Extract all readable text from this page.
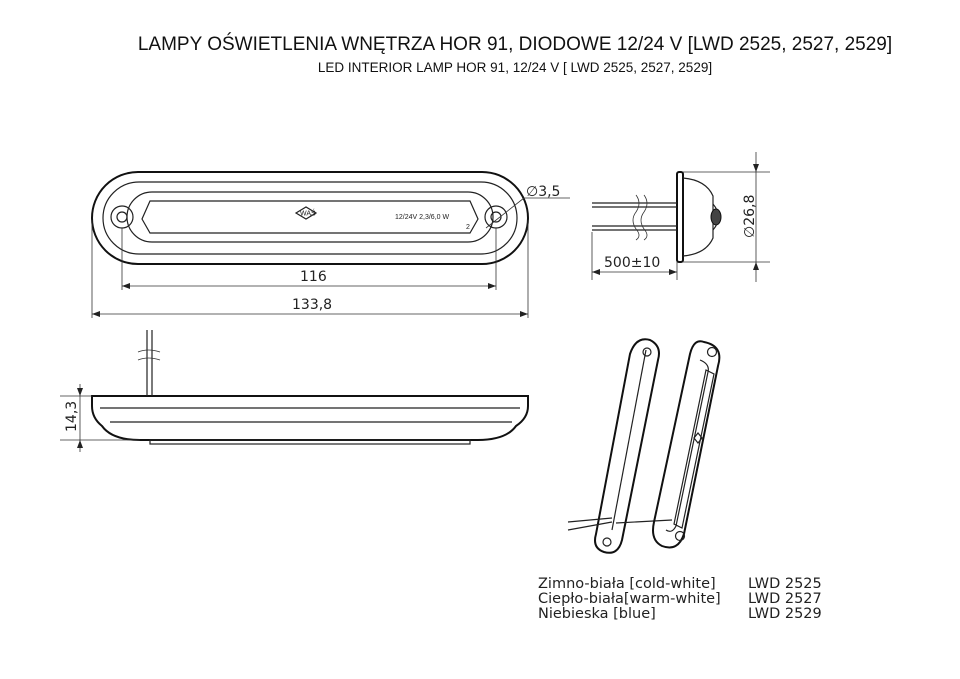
LAMPY OŚWIETLENIA WNĘTRZA HOR 91, DIODOWE 12/24 V [LWD 2525, 2527, 2529]
LED INTERIOR LAMP HOR 91, 12/24 V [ LWD 2525, 2527, 2529]
WAŚ	12/24V 2,3/6,0 W
2
∅3,5
116
133,8
500±10
∅26,8
14,3
Zimno-biała [cold-white]	LWD 2525
Ciepło-biała[warm-white]	LWD 2527
Niebieska [blue]	LWD 2529
